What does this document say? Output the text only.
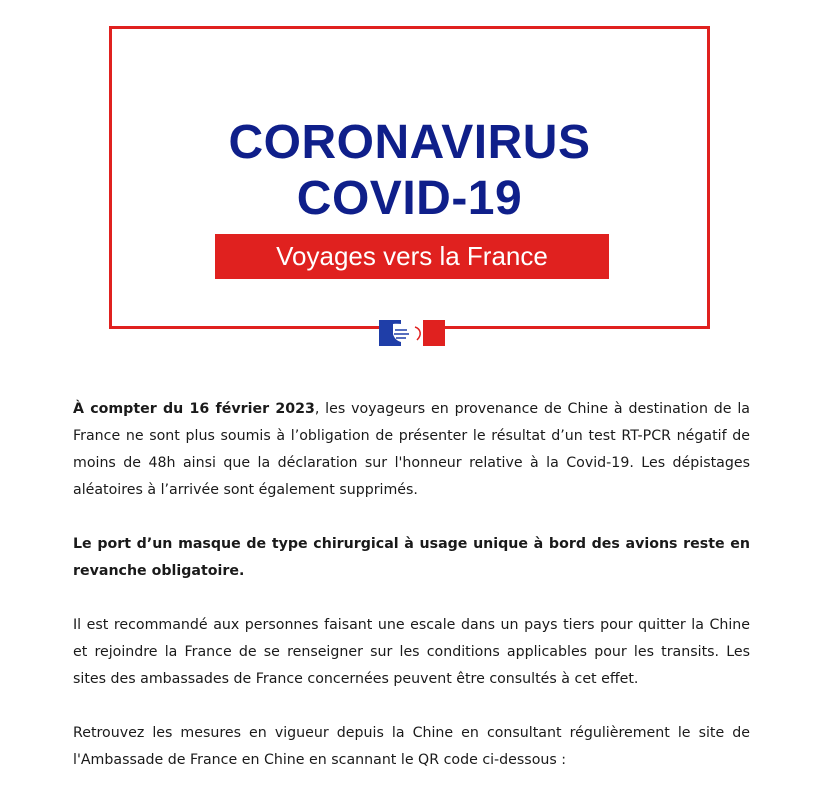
CORONAVIRUS
COVID-19
Voyages vers la France

À compter du 16 février 2023, les voyageurs en provenance de Chine à destination de la France ne sont plus soumis à l’obligation de présenter le résultat d’un test RT-PCR négatif de moins de 48h ainsi que la déclaration sur l'honneur relative à la Covid-19. Les dépistages aléatoires à l’arrivée sont également supprimés.

Le port d’un masque de type chirurgical à usage unique à bord des avions reste en revanche obligatoire.

Il est recommandé aux personnes faisant une escale dans un pays tiers pour quitter la Chine et rejoindre la France de se renseigner sur les conditions applicables pour les transits. Les sites des ambassades de France concernées peuvent être consultés à cet effet.

Retrouvez les mesures en vigueur depuis la Chine en consultant régulièrement le site de l'Ambassade de France en Chine en scannant le QR code ci-dessous :
